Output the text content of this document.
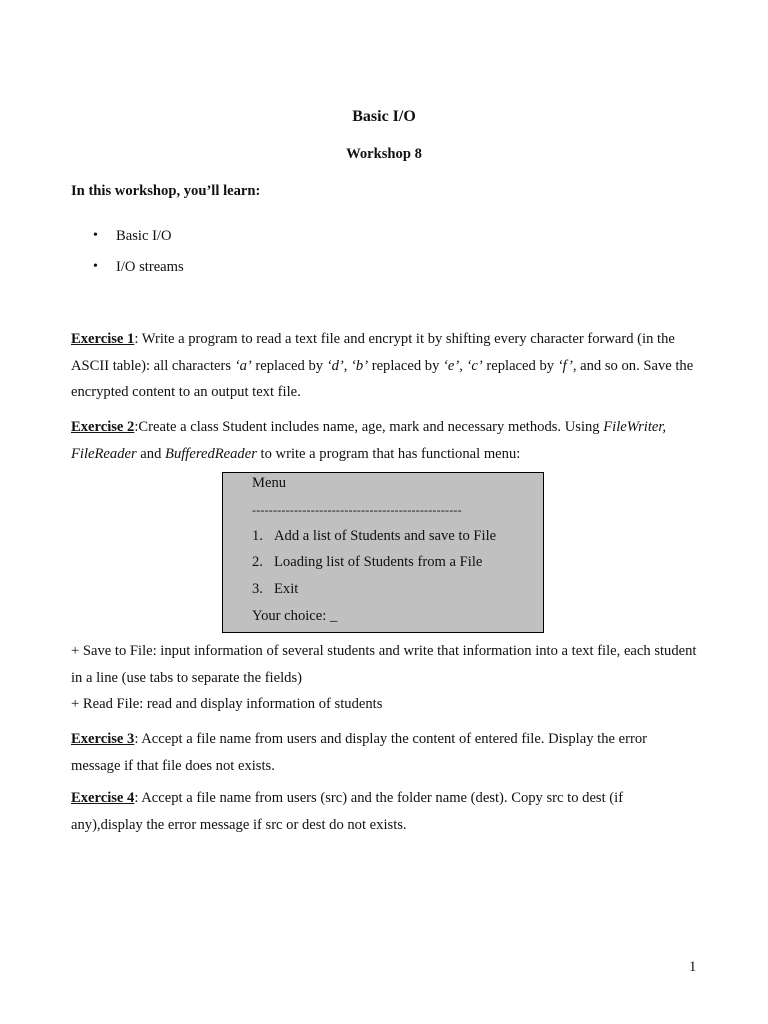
Basic I/O
Workshop 8
In this workshop, you’ll learn:
• Basic I/O
• I/O streams

Exercise 1: Write a program to read a text file and encrypt it by shifting every character forward (in the ASCII table): all characters ‘a’ replaced by ‘d’, ‘b’ replaced by ‘e’, ‘c’ replaced by ‘f’, and so on. Save the encrypted content to an output text file.

Exercise 2:Create a class Student includes name, age, mark and necessary methods. Using FileWriter, FileReader and BufferedReader to write a program that has functional menu:

Menu
--------------------------------------------------
1. Add a list of Students and save to File
2. Loading list of Students from a File
3. Exit
Your choice: _

+ Save to File: input information of several students and write that information into a text file, each student in a line (use tabs to separate the fields)

+ Read File: read and display information of students

Exercise 3: Accept a file name from users and display the content of entered file. Display the error message if that file does not exists.

Exercise 4: Accept a file name from users (src) and the folder name (dest). Copy src to dest (if any),display the error message if src or dest do not exists.

1
